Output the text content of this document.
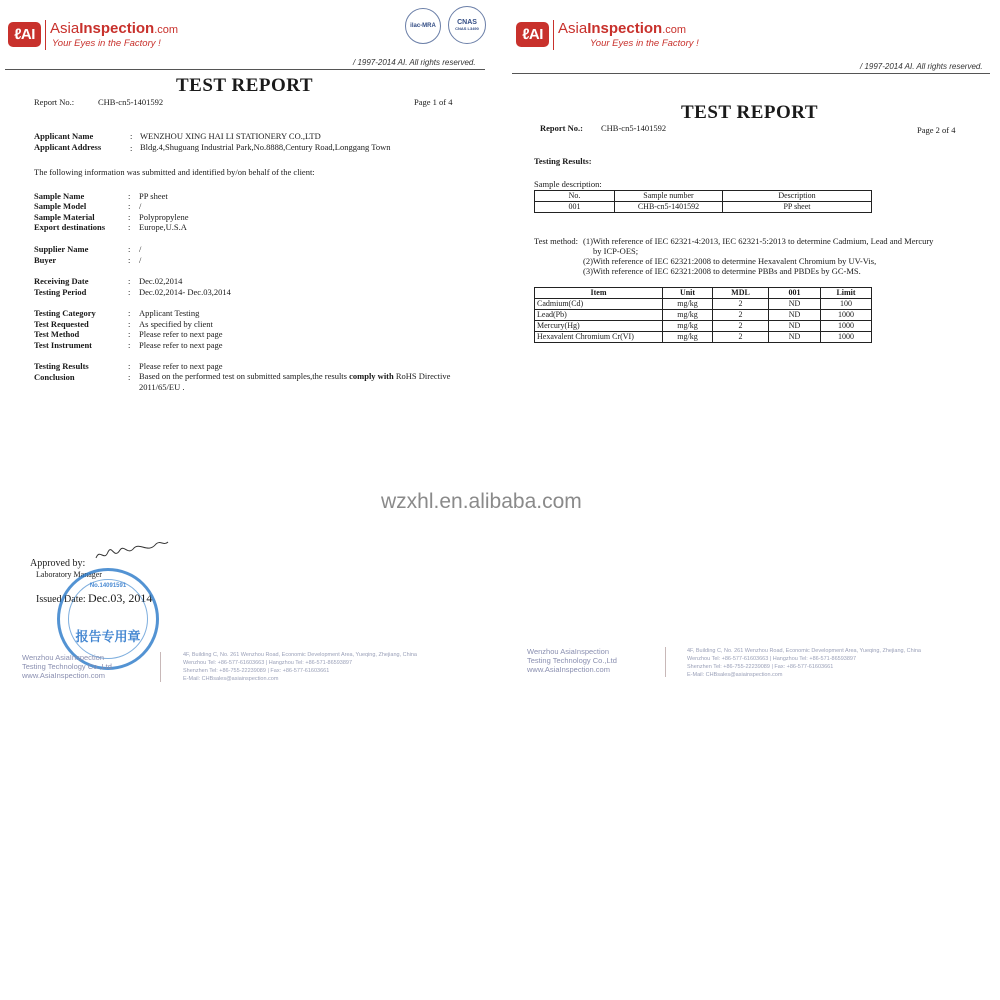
ℓ AI AsiaInspection.com
Your Eyes in the Factory !
ilac-MRA	CNAS
CNAS L3490
/ 1997-2014 AI. All rights reserved.
TEST REPORT
Report No.:	CHB-cn5-1401592	Page 1 of 4
Applicant Name	: WENZHOU XING HAI LI STATIONERY CO.,LTD
Applicant Address	: Bldg.4,Shuguang Industrial Park,No.8888,Century Road,Longgang Town
The following information was submitted and identified by/on behalf of the client:
Sample Name	: PP sheet
Sample Model	: /
Sample Material	: Polypropylene
Export destinations	: Europe,U.S.A
Supplier Name	: /
Buyer	: /
Receiving Date	: Dec.02,2014
Testing Period	: Dec.02,2014- Dec.03,2014
Testing Category	: Applicant Testing
Test Requested	: As specified by client
Test Method	: Please refer to next page
Test Instrument	: Please refer to next page
Testing Results	: Please refer to next page
Conclusion	: Based on the performed test on submitted samples,the results comply with RoHS Directive
2011/65/EU .
Approved by:
Laboratory Manager
Issued Date: Dec.03, 2014
No.14091591
报告专用章
Wenzhou AsiaInspection
Testing Technology Co.,Ltd
www.AsiaInspection.com
4F, Building C, No. 261 Wenzhou Road, Economic Development Area, Yueqing, Zhejiang, China
Wenzhou Tel: +86-577-61603663 | Hangzhou Tel: +86-571-86593897
Shenzhen Tel: +86-755-22239089 | Fax: +86-577-61603661
E-Mail: CHBsales@asiainspection.com
ℓ AI AsiaInspection.com
Your Eyes in the Factory !
/ 1997-2014 AI. All rights reserved.
TEST REPORT
Report No.: CHB-cn5-1401592	Page 2 of 4
Testing Results:
Sample description:
No.	Sample number	Description
001	CHB-cn5-1401592	PP sheet
Test method: (1)With reference of IEC 62321-4:2013, IEC 62321-5:2013 to determine Cadmium, Lead and Mercury
by ICP-OES;
(2)With reference of IEC 62321:2008 to determine Hexavalent Chromium by UV-Vis,
(3)With reference of IEC 62321:2008 to determine PBBs and PBDEs by GC-MS.
Item	Unit	MDL	001	Limit
Cadmium(Cd)	mg/kg	2	ND	100
Lead(Pb)	mg/kg	2	ND	1000
Mercury(Hg)	mg/kg	2	ND	1000
Hexavalent Chromium Cr(VI)	mg/kg	2	ND	1000
Wenzhou AsiaInspection
Testing Technology Co.,Ltd
www.AsiaInspection.com
4F, Building C, No. 261 Wenzhou Road, Economic Development Area, Yueqing, Zhejiang, China
Wenzhou Tel: +86-577-61603663 | Hangzhou Tel: +86-571-86593897
Shenzhen Tel: +86-755-22239089 | Fax: +86-577-61603661
E-Mail: CHBsales@asiainspection.com
wzxhl.en.alibaba.com
